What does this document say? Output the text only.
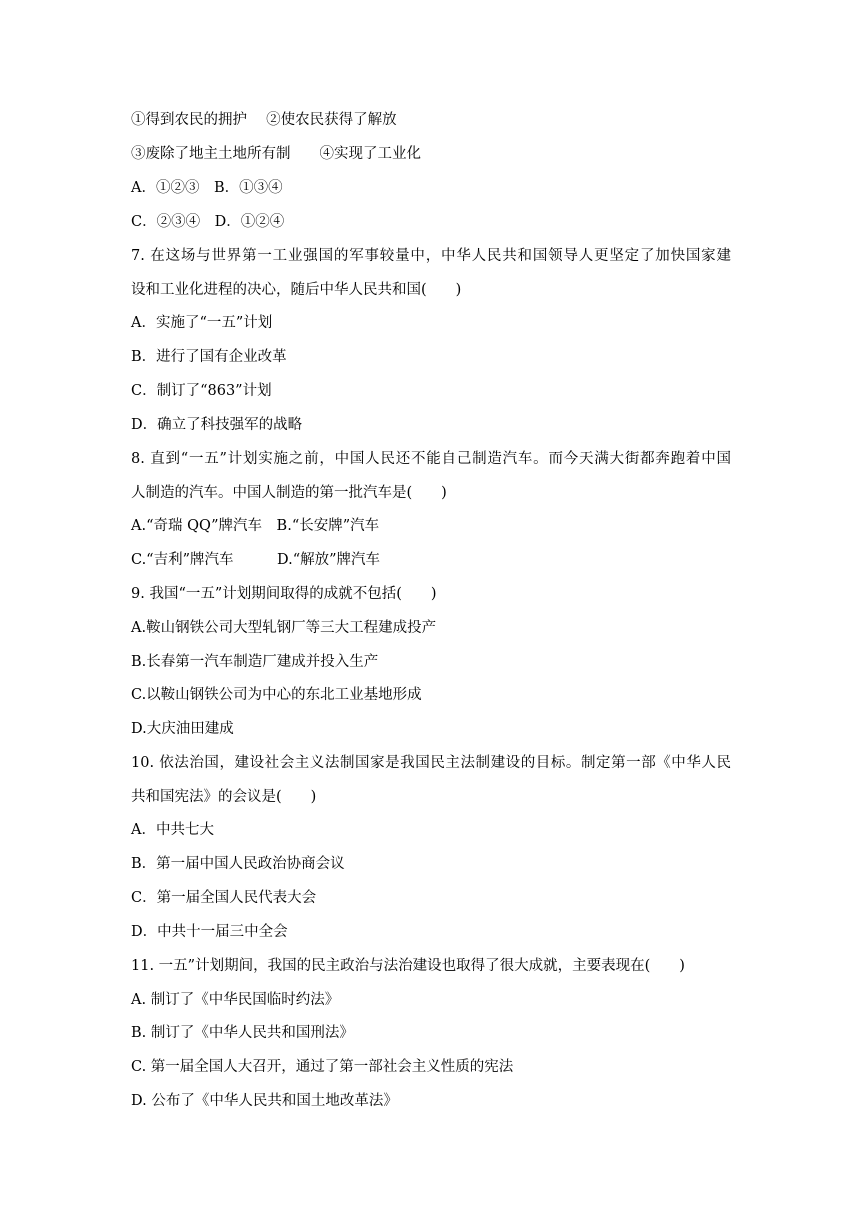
①得到农民的拥护　 ②使农民获得了解放
③废除了地主土地所有制　　④实现了工业化
A．①②③　B．①③④
C．②③④　D．①②④
7. 在这场与世界第一工业强国的军事较量中，中华人民共和国领导人更坚定了加快国家建
设和工业化进程的决心，随后中华人民共和国(　　)
A．实施了“一五”计划
B．进行了国有企业改革
C．制订了“863”计划
D．确立了科技强军的战略
8. 直到“一五”计划实施之前，中国人民还不能自己制造汽车。而今天满大街都奔跑着中国
人制造的汽车。中国人制造的第一批汽车是(　　)
A.“奇瑞 QQ”牌汽车　B.“长安牌”汽车
C.“吉利”牌汽车　　　D.“解放”牌汽车
9. 我国“一五”计划期间取得的成就不包括(　　)
A.鞍山钢铁公司大型轧钢厂等三大工程建成投产
B.长春第一汽车制造厂建成并投入生产
C.以鞍山钢铁公司为中心的东北工业基地形成
D.大庆油田建成
10. 依法治国，建设社会主义法制国家是我国民主法制建设的目标。制定第一部《中华人民
共和国宪法》的会议是(　　)
A．中共七大
B．第一届中国人民政治协商会议
C．第一届全国人民代表大会
D．中共十一届三中全会
11. 一五”计划期间，我国的民主政治与法治建设也取得了很大成就，主要表现在(　　)
A. 制订了《中华民国临时约法》
B. 制订了《中华人民共和国刑法》
C. 第一届全国人大召开，通过了第一部社会主义性质的宪法
D. 公布了《中华人民共和国土地改革法》
